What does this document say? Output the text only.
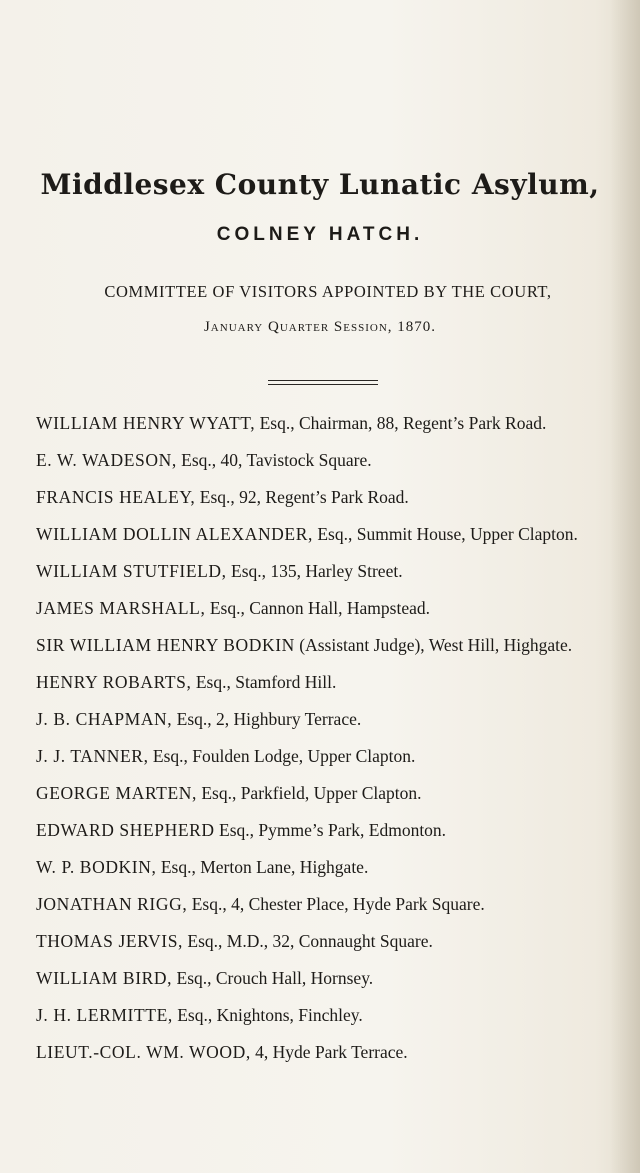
Middlesex County Lunatic Asylum,
COLNEY HATCH.
COMMITTEE OF VISITORS APPOINTED BY THE COURT,
January Quarter Session, 1870.
WILLIAM HENRY WYATT, Esq., Chairman, 88, Regent’s Park Road.
E. W. WADESON, Esq., 40, Tavistock Square.
FRANCIS HEALEY, Esq., 92, Regent’s Park Road.
WILLIAM DOLLIN ALEXANDER, Esq., Summit House, Upper Clapton.
WILLIAM STUTFIELD, Esq., 135, Harley Street.
JAMES MARSHALL, Esq., Cannon Hall, Hampstead.
SIR WILLIAM HENRY BODKIN (Assistant Judge), West Hill, Highgate.
HENRY ROBARTS, Esq., Stamford Hill.
J. B. CHAPMAN, Esq., 2, Highbury Terrace.
J. J. TANNER, Esq., Foulden Lodge, Upper Clapton.
GEORGE MARTEN, Esq., Parkfield, Upper Clapton.
EDWARD SHEPHERD Esq., Pymme’s Park, Edmonton.
W. P. BODKIN, Esq., Merton Lane, Highgate.
JONATHAN RIGG, Esq., 4, Chester Place, Hyde Park Square.
THOMAS JERVIS, Esq., M.D., 32, Connaught Square.
WILLIAM BIRD, Esq., Crouch Hall, Hornsey.
J. H. LERMITTE, Esq., Knightons, Finchley.
LIEUT.-COL. WM. WOOD, 4, Hyde Park Terrace.
